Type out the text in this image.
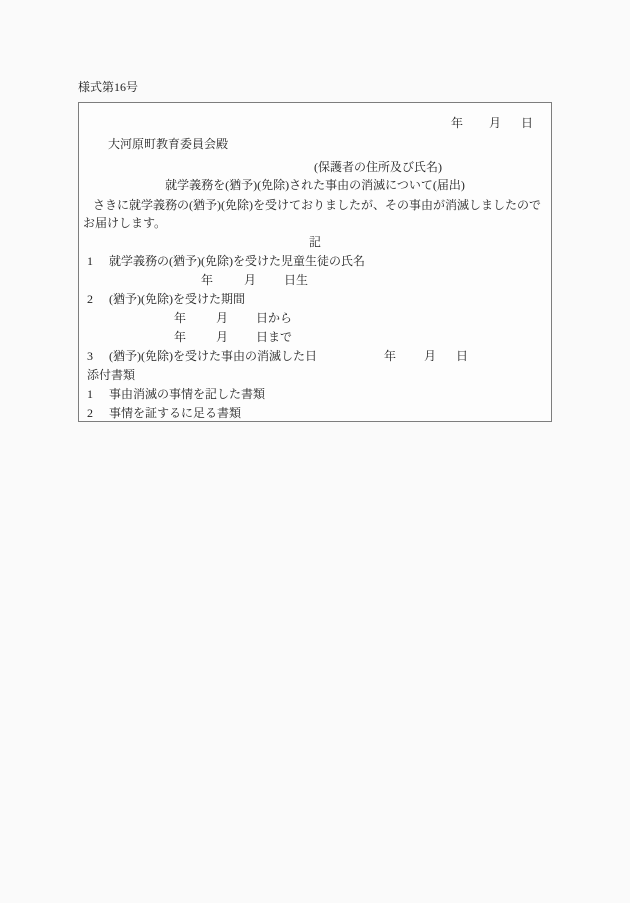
様式第16号
年 月 日
大河原町教育委員会殿
(保護者の住所及び氏名)
就学義務を(猶予)(免除)された事由の消滅について(届出)
さきに就学義務の(猶予)(免除)を受けておりましたが、その事由が消滅しましたので
お届けします。
記
1 就学義務の(猶予)(免除)を受けた児童生徒の氏名
年	月 日生
2 (猶予)(免除)を受けた期間
年 月 日から
年 月 日まで
3 (猶予)(免除)を受けた事由の消滅した日	年 月 日
添付書類
1 事由消滅の事情を記した書類
2 事情を証するに足る書類
